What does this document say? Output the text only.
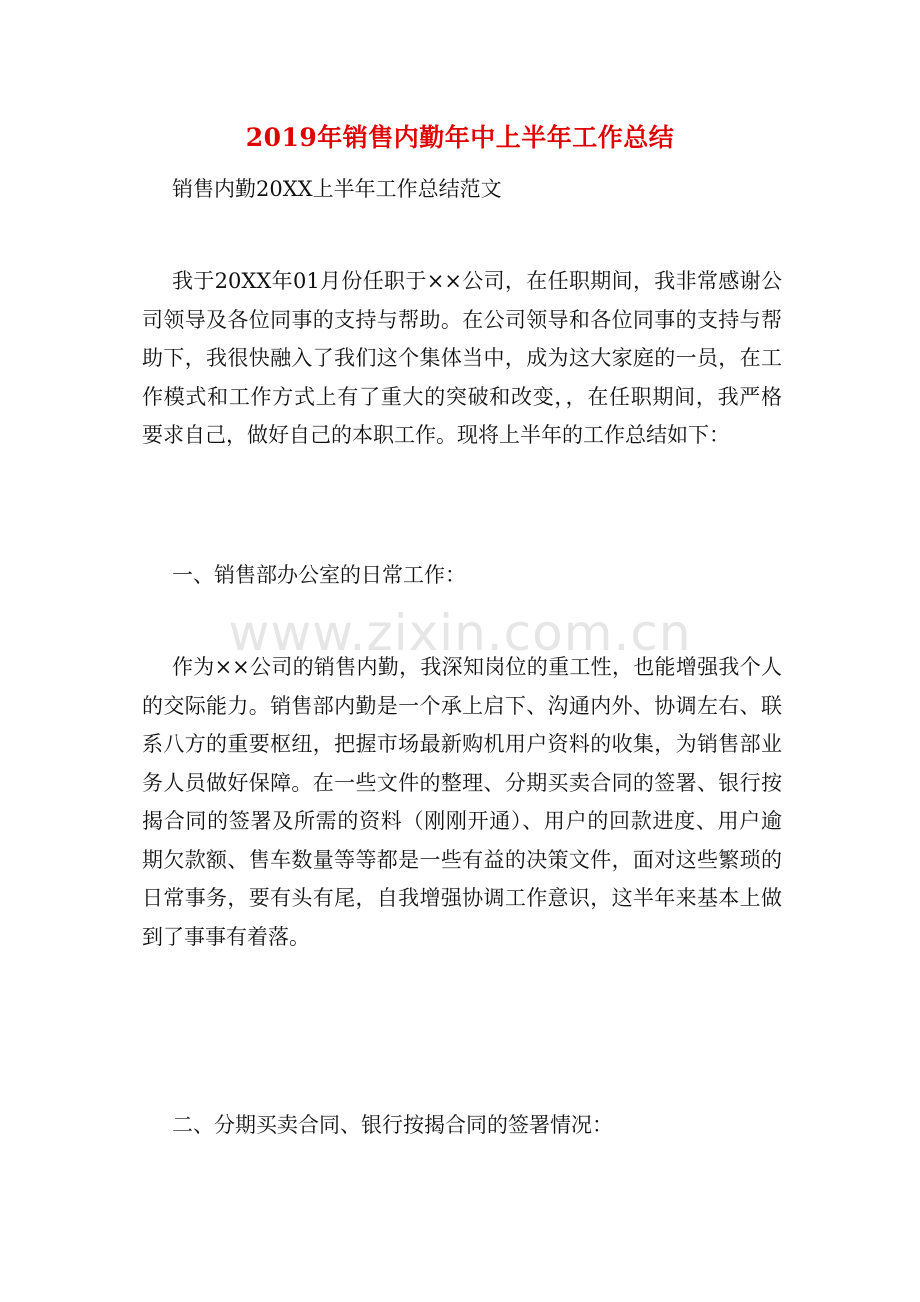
2019年销售内勤年中上半年工作总结
销售内勤20XX上半年工作总结范文
我于20XX年01月份任职于××公司，在任职期间，我非常感谢公司领导及各位同事的支持与帮助。在公司领导和各位同事的支持与帮助下，我很快融入了我们这个集体当中，成为这大家庭的一员，在工作模式和工作方式上有了重大的突破和改变，，在任职期间，我严格要求自己，做好自己的本职工作。现将上半年的工作总结如下：
一、销售部办公室的日常工作：
作为××公司的销售内勤，我深知岗位的重工性，也能增强我个人的交际能力。销售部内勤是一个承上启下、沟通内外、协调左右、联系八方的重要枢纽，把握市场最新购机用户资料的收集，为销售部业务人员做好保障。在一些文件的整理、分期买卖合同的签署、银行按揭合同的签署及所需的资料（刚刚开通）、用户的回款进度、用户逾期欠款额、售车数量等等都是一些有益的决策文件，面对这些繁琐的日常事务，要有头有尾，自我增强协调工作意识，这半年来基本上做到了事事有着落。
二、分期买卖合同、银行按揭合同的签署情况：
www.zixin.com.cn
